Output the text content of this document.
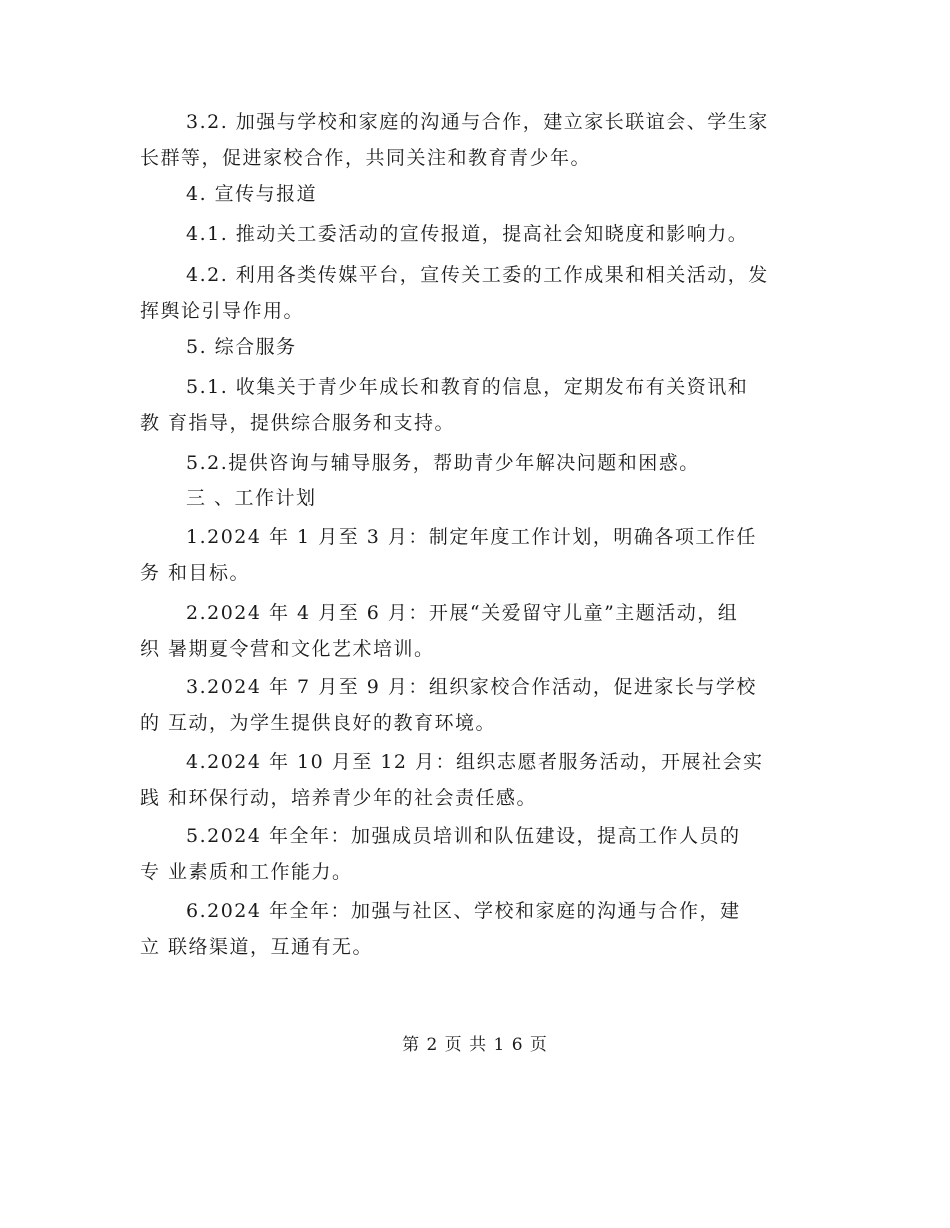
3.2. 加强与学校和家庭的沟通与合作，建立家长联谊会、学生家
长群等，促进家校合作，共同关注和教育青少年。
4. 宣传与报道
4.1. 推动关工委活动的宣传报道，提高社会知晓度和影响力。
4.2. 利用各类传媒平台，宣传关工委的工作成果和相关活动，发
挥舆论引导作用。
5. 综合服务
5.1. 收集关于青少年成长和教育的信息，定期发布有关资讯和
教 育指导，提供综合服务和支持。
5.2.提供咨询与辅导服务，帮助青少年解决问题和困惑。
三 、工作计划
1.2024 年 1 月至 3 月：制定年度工作计划，明确各项工作任
务 和目标。
2.2024 年 4 月至 6 月：开展“关爱留守儿童”主题活动，组
织 暑期夏令营和文化艺术培训。
3.2024 年 7 月至 9 月：组织家校合作活动，促进家长与学校
的 互动，为学生提供良好的教育环境。
4.2024 年 10 月至 12 月：组织志愿者服务活动，开展社会实
践 和环保行动，培养青少年的社会责任感。
5.2024 年全年：加强成员培训和队伍建设，提高工作人员的
专 业素质和工作能力。
6.2024 年全年：加强与社区、学校和家庭的沟通与合作，建
立 联络渠道，互通有无。
第 2 页 共 1 6 页
